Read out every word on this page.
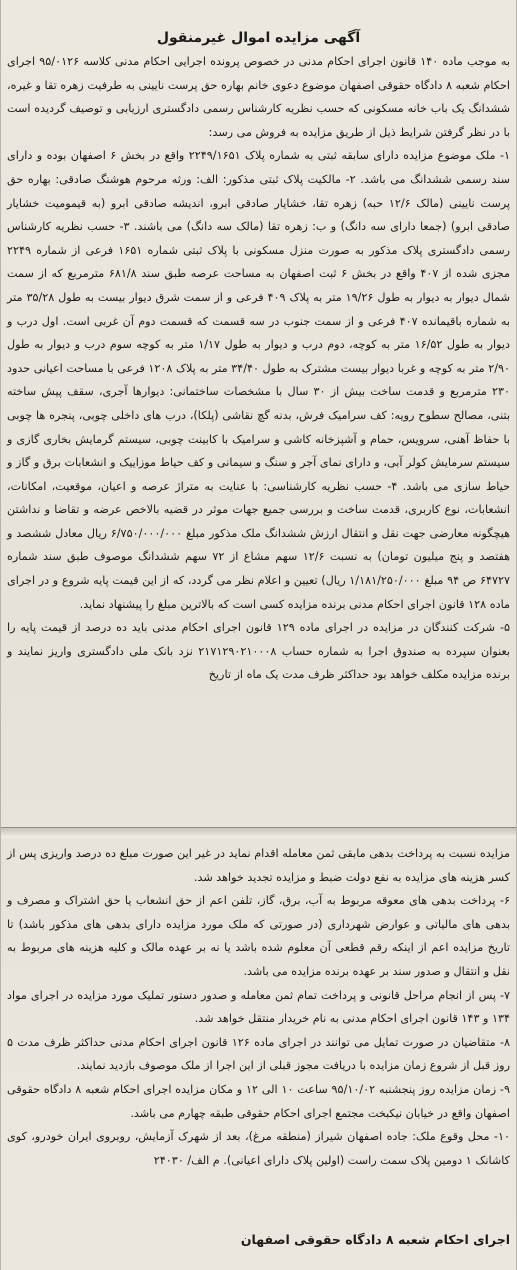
آگهی مزایده اموال غیرمنقول

به موجب ماده ۱۴۰ قانون اجرای احکام مدنی در خصوص پرونده اجرایی احکام مدنی کلاسه ۹۵/۰۱۲۶ اجرای احکام شعبه ۸ دادگاه حقوقی اصفهان موضوع دعوی خانم بهاره حق پرست نایینی به طرفیت زهره تقا و غیره، ششدانگ یک باب خانه مسکونی که حسب نظریه کارشناس رسمی دادگستری ارزیابی و توصیف گردیده است با در نظر گرفتن شرایط ذیل از طریق مزایده به فروش می رسد:

۱- ملک موضوع مزایده دارای سابقه ثبتی به شماره پلاک ۲۲۴۹/۱۶۵۱ واقع در بخش ۶ اصفهان بوده و دارای سند رسمی ششدانگ می باشد. ۲- مالکیت پلاک ثبتی مذکور: الف: ورثه مرحوم هوشنگ صادقی: بهاره حق پرست نایینی (مالک ۱۲/۶ حبه) زهره تقا، خشایار صادقی ابرو، اندیشه صادقی ابرو (به قیمومیت خشایار صادقی ابرو) (جمعا دارای سه دانگ) و ب: زهره تقا (مالک سه دانگ) می باشند. ۳- حسب نظریه کارشناس رسمی دادگستری پلاک مذکور به صورت منزل مسکونی با پلاک ثبتی شماره ۱۶۵۱ فرعی از شماره ۲۲۴۹ مجزی شده از ۴۰۷ واقع در بخش ۶ ثبت اصفهان به مساحت عرصه طبق سند ۶۸۱/۸ مترمربع که از سمت شمال دیوار به دیوار به طول ۱۹/۲۶ متر به پلاک ۴۰۹ فرعی و از سمت شرق دیوار بیست به طول ۳۵/۲۸ متر به شماره باقیمانده ۴۰۷ فرعی و از سمت جنوب در سه قسمت که قسمت دوم آن غربی است. اول درب و دیوار به طول ۱۶/۵۲ متر به کوچه، دوم درب و دیوار به طول ۱/۱۷ متر به کوچه سوم درب و دیوار به طول ۲/۹۰ متر به کوچه و غربا دیوار بیست مشترک به طول ۳۴/۴۰ متر به پلاک ۱۲۰۸ فرعی با مساحت اعیانی حدود ۲۳۰ مترمربع و قدمت ساخت بیش از ۳۰ سال با مشخصات ساختمانی: دیوارها آجری، سقف پیش ساخته بتنی، مصالح سطوح رویه: کف سرامیک فرش، بدنه گچ نقاشی (پلکا)، درب های داخلی چوبی، پنجره ها چوبی با حفاظ آهنی، سرویس، حمام و آشپزخانه کاشی و سرامیک با کابینت چوبی، سیستم گرمایش بخاری گازی و سیستم سرمایش کولر آبی، و دارای نمای آجر و سنگ و سیمانی و کف حیاط موزاییک و انشعابات برق و گاز و حیاط سازی می باشد. ۴- حسب نظریه کارشناسی: با عنایت به متراژ عرصه و اعیان، موقعیت، امکانات، انشعابات، نوع کاربری، قدمت ساخت و بررسی جمیع جهات موثر در قضیه بالاخص عرضه و تقاضا و نداشتن هیچگونه معارضی جهت نقل و انتقال ارزش ششدانگ ملک مذکور مبلغ ۶/۷۵۰/۰۰۰/۰۰۰ ریال معادل ششصد و هفتصد و پنج میلیون تومان) به نسبت ۱۲/۶ سهم مشاع از ۷۲ سهم ششدانگ موصوف طبق سند شماره ۶۴۷۲۷ ص ۹۴ مبلغ ۱/۱۸۱/۲۵۰/۰۰۰ ریال) تعیین و اعلام نظر می گردد، که از این قیمت پایه شروع و در اجرای ماده ۱۲۸ قانون اجرای احکام مدنی برنده مزایده کسی است که بالاترین مبلغ را پیشنهاد نماید.

۵- شرکت کنندگان در مزایده در اجرای ماده ۱۲۹ قانون اجرای احکام مدنی باید ده درصد از قیمت پایه را بعنوان سپرده به صندوق اجرا به شماره حساب ۲۱۷۱۲۹۰۲۱۰۰۰۸ نزد بانک ملی دادگستری واریز نمایند و برنده مزایده مکلف خواهد بود حداکثر ظرف مدت یک ماه از تاریخ

مزایده نسبت به پرداخت بدهی مابقی ثمن معامله اقدام نماید در غیر این صورت مبلغ ده درصد واریزی پس از کسر هزینه های مزایده به نفع دولت ضبط و مزایده تجدید خواهد شد.

۶- پرداخت بدهی های معوقه مربوط به آب، برق، گاز، تلفن اعم از حق انشعاب یا حق اشتراک و مصرف و بدهی های مالیاتی و عوارض شهرداری (در صورتی که ملک مورد مزایده دارای بدهی های مذکور باشد) تا تاریخ مزایده اعم از اینکه رقم قطعی آن معلوم شده باشد یا نه بر عهده مالک و کلیه هزینه های مربوط به نقل و انتقال و صدور سند بر عهده برنده مزایده می باشد.

۷- پس از انجام مراحل قانونی و پرداخت تمام ثمن معامله و صدور دستور تملیک مورد مزایده در اجرای مواد ۱۳۴ و ۱۴۳ قانون اجرای احکام مدنی به نام خریدار منتقل خواهد شد.

۸- متقاضیان در صورت تمایل می توانند در اجرای ماده ۱۲۶ قانون اجرای احکام مدنی حداکثر ظرف مدت ۵ روز قبل از شروع زمان مزایده با دریافت مجوز قبلی از این اجرا از ملک موصوف بازدید نمایند.

۹- زمان مزایده روز پنجشنبه ۹۵/۱۰/۰۲ ساعت ۱۰ الی ۱۲ و مکان مزایده اجرای احکام شعبه ۸ دادگاه حقوقی اصفهان واقع در خیابان نیکبخت مجتمع اجرای احکام حقوقی طبقه چهارم می باشد.

۱۰- محل وقوع ملک: جاده اصفهان شیراز (منطقه مرغ)، بعد از شهرک آزمایش، روبروی ایران خودرو، کوی کاشانک ۱ دومین پلاک سمت راست (اولین پلاک دارای اعیانی). م الف/ ۲۴۰۳۰

اجرای احکام شعبه ۸ دادگاه حقوقی اصفهان
